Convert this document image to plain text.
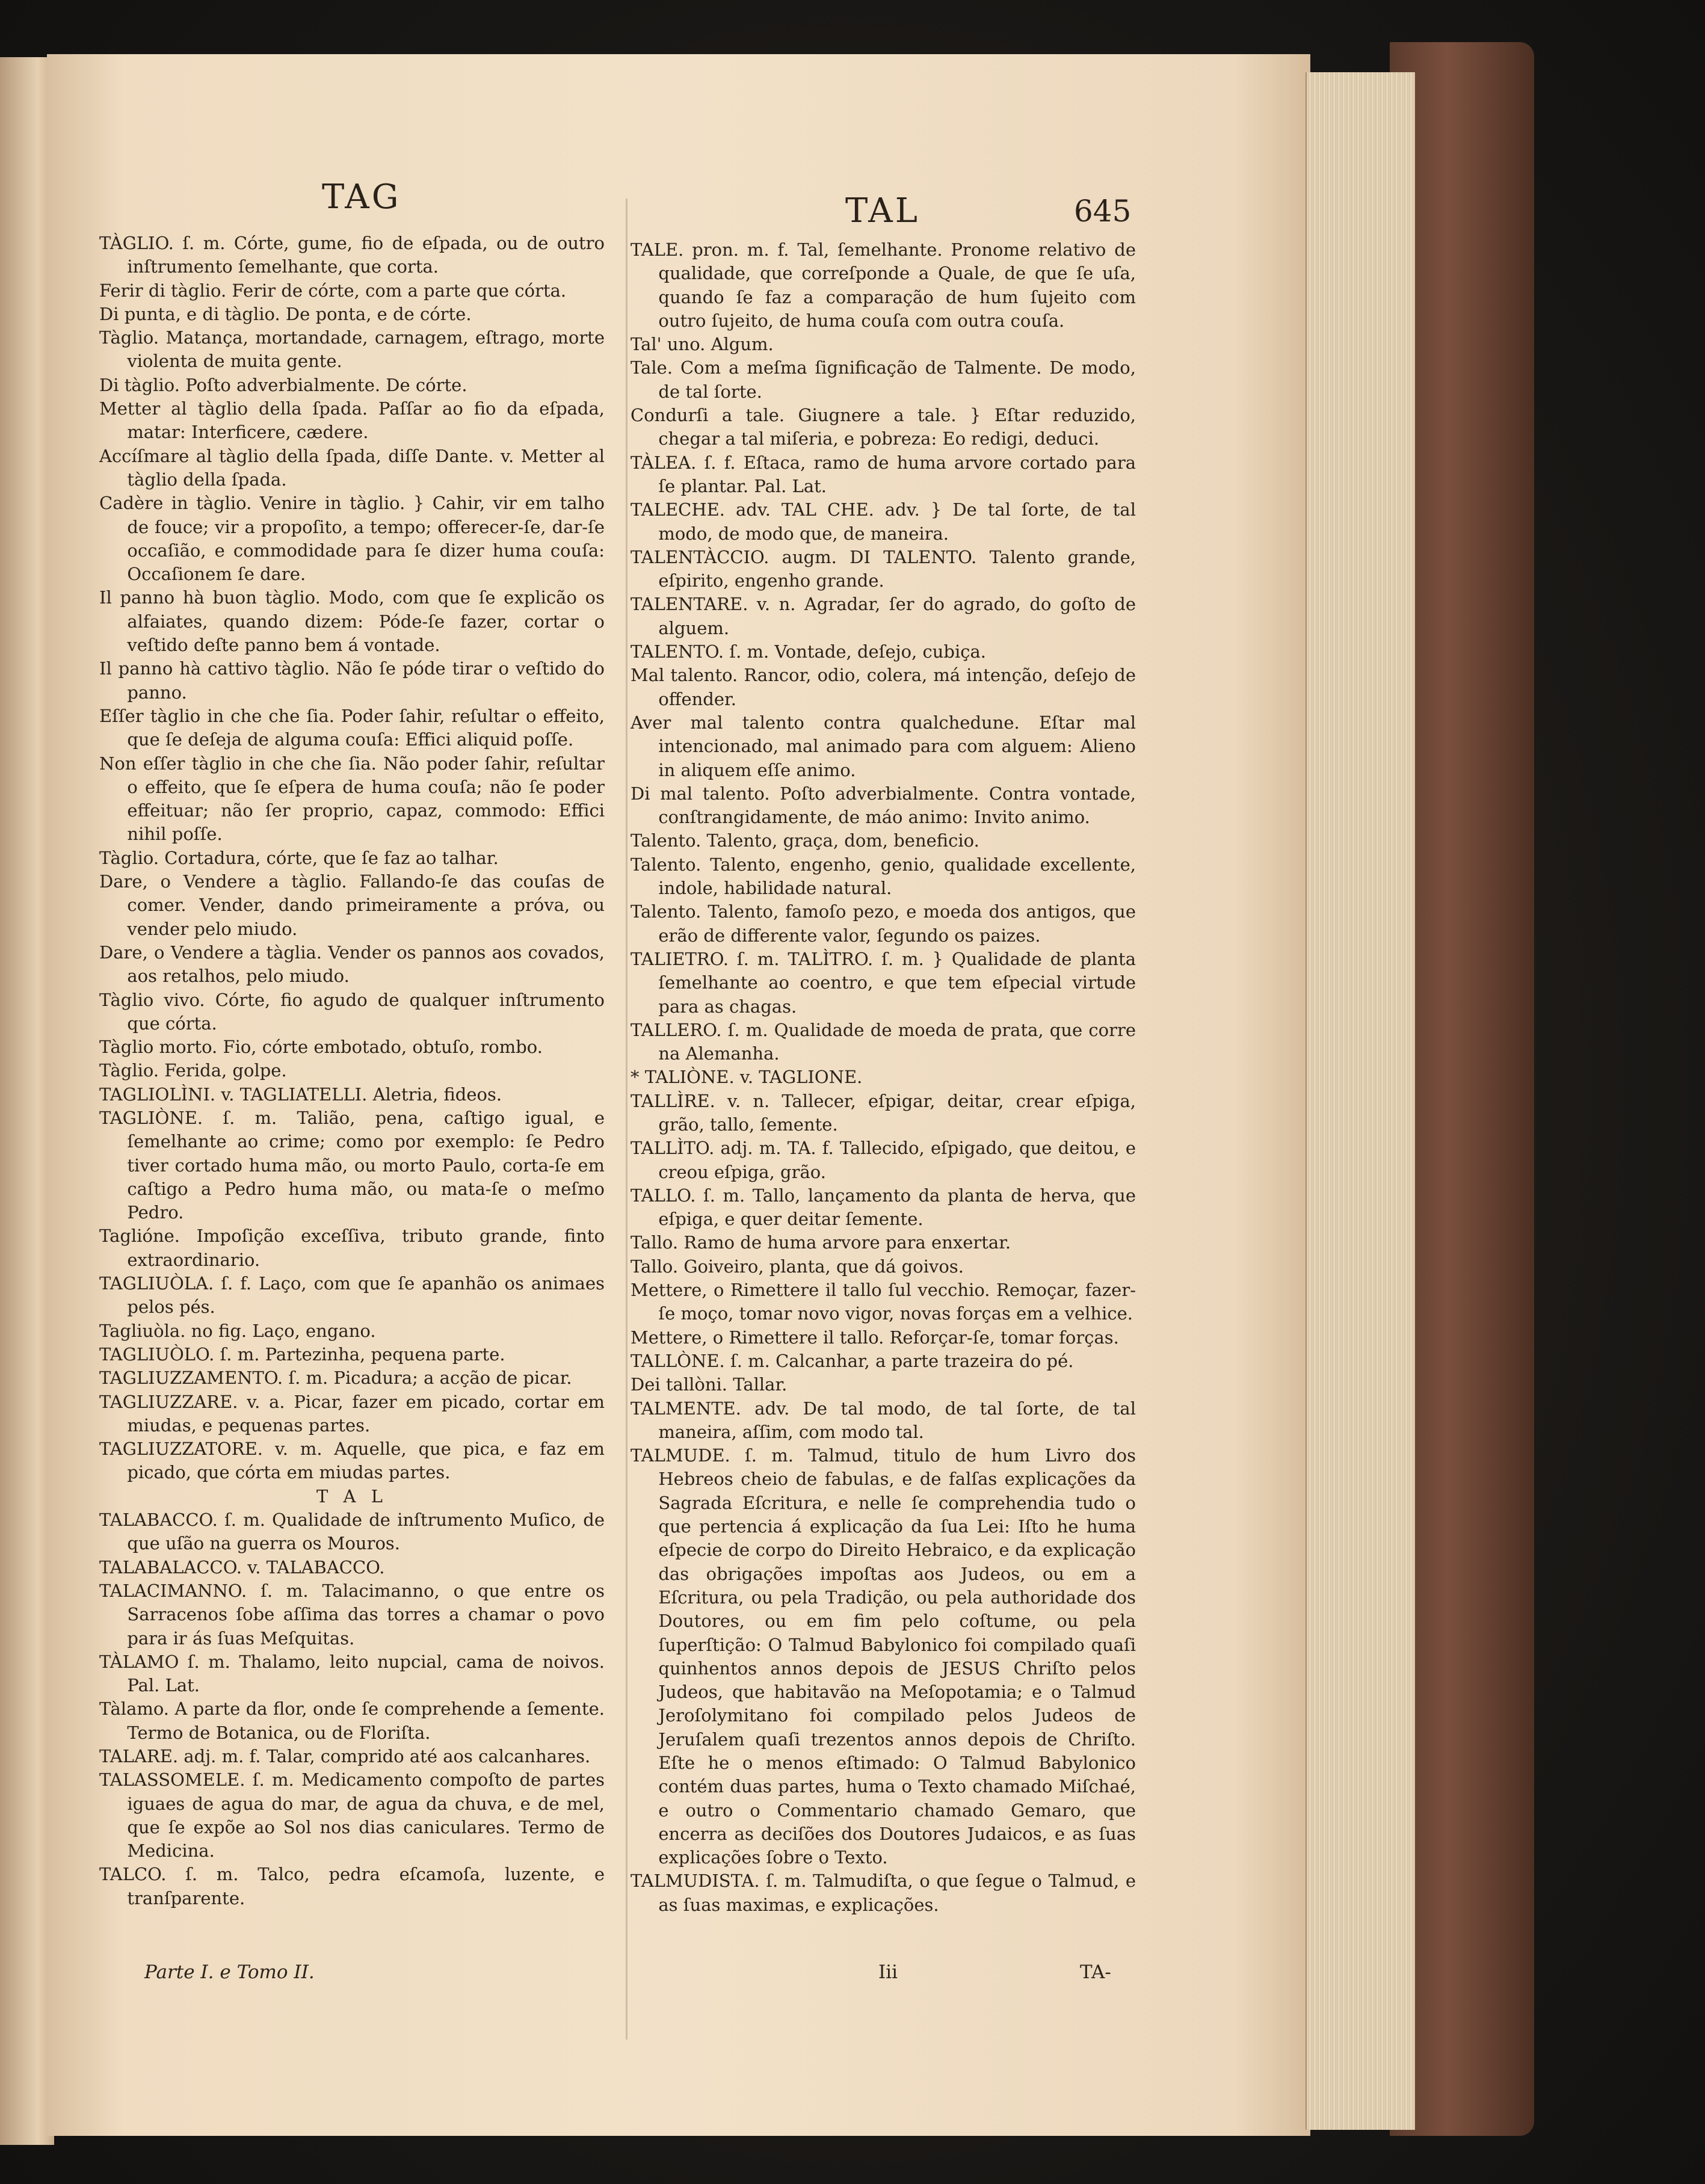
TAG	TAL	645

TÀGLIO. ſ. m. Córte, gume, fio de eſpada, ou de outro inſtrumento ſemelhante, que corta.

Ferir di tàglio. Ferir de córte, com a parte que córta.

Di punta, e di tàglio. De ponta, e de córte.

Tàglio. Matança, mortandade, carnagem, eſtrago, morte violenta de muita gente.

Di tàglio. Poſto adverbialmente. De córte.

Metter al tàglio della ſpada. Paſſar ao fio da eſpada, matar: Interficere, cædere.

Accíſmare al tàglio della ſpada, diſſe Dante. v. Metter al tàglio della ſpada.

Cadère in tàglio. Venire in tàglio. } Cahir, vir em talho de fouce; vir a propoſito, a tempo; offerecer-ſe, dar-ſe occaſião, e commodidade para ſe dizer huma couſa: Occaſionem ſe dare.

Il panno hà buon tàglio. Modo, com que ſe explicão os alfaiates, quando dizem: Póde-ſe fazer, cortar o veſtido deſte panno bem á vontade.

Il panno hà cattivo tàglio. Não ſe póde tirar o veſtido do panno.

Eſſer tàglio in che che ſia. Poder ſahir, reſultar o effeito, que ſe deſeja de alguma couſa: Effici aliquid poſſe.

Non eſſer tàglio in che che ſia. Não poder ſahir, reſultar o effeito, que ſe eſpera de huma couſa; não ſe poder effeituar; não ſer proprio, capaz, commodo: Effici nihil poſſe.

Tàglio. Cortadura, córte, que ſe faz ao talhar.

Dare, o Vendere a tàglio. Fallando-ſe das couſas de comer. Vender, dando primeiramente a próva, ou vender pelo miudo.

Dare, o Vendere a tàglia. Vender os pannos aos covados, aos retalhos, pelo miudo.

Tàglio vivo. Córte, fio agudo de qualquer inſtrumento que córta.

Tàglio morto. Fio, córte embotado, obtuſo, rombo.

Tàglio. Ferida, golpe.

TAGLIOLÌNI. v. TAGLIATELLI. Aletria, fideos.

TAGLIÒNE. ſ. m. Talião, pena, caſtigo igual, e ſemelhante ao crime; como por exemplo: ſe Pedro tiver cortado huma mão, ou morto Paulo, corta-ſe em caſtigo a Pedro huma mão, ou mata-ſe o meſmo Pedro.

Taglióne. Impoſição exceſſiva, tributo grande, finto extraordinario.

TAGLIUÒLA. ſ. f. Laço, com que ſe apanhão os animaes pelos pés.

Tagliuòla. no fig. Laço, engano.

TAGLIUÒLO. ſ. m. Partezinha, pequena parte.

TAGLIUZZAMENTO. ſ. m. Picadura; a acção de picar.

TAGLIUZZARE. v. a. Picar, fazer em picado, cortar em miudas, e pequenas partes.

TAGLIUZZATORE. v. m. Aquelle, que pica, e faz em picado, que córta em miudas partes.

T A L

TALABACCO. ſ. m. Qualidade de inſtrumento Muſico, de que uſão na guerra os Mouros.

TALABALACCO. v. TALABACCO.

TALACIMANNO. ſ. m. Talacimanno, o que entre os Sarracenos ſobe aſſima das torres a chamar o povo para ir ás ſuas Meſquitas.

TÀLAMO ſ. m. Thalamo, leito nupcial, cama de noivos. Pal. Lat.

Tàlamo. A parte da flor, onde ſe comprehende a ſemente. Termo de Botanica, ou de Floriſta.

TALARE. adj. m. f. Talar, comprido até aos calcanhares.

TALASSOMELE. ſ. m. Medicamento compoſto de partes iguaes de agua do mar, de agua da chuva, e de mel, que ſe expõe ao Sol nos dias caniculares. Termo de Medicina.

TALCO. ſ. m. Talco, pedra eſcamoſa, luzente, e tranſparente.

TALE. pron. m. f. Tal, ſemelhante. Pronome relativo de qualidade, que correſponde a Quale, de que ſe uſa, quando ſe faz a comparação de hum ſujeito com outro ſujeito, de huma couſa com outra couſa.

Tal' uno. Algum.

Tale. Com a meſma ſignificação de Talmente. De modo, de tal ſorte.

Condurſi a tale. Giugnere a tale. } Eſtar reduzido, chegar a tal miſeria, e pobreza: Eo redigi, deduci.

TÀLEA. ſ. f. Eſtaca, ramo de huma arvore cortado para ſe plantar. Pal. Lat.

TALECHE. adv. TAL CHE. adv. } De tal ſorte, de tal modo, de modo que, de maneira.

TALENTÀCCIO. augm. DI TALENTO. Talento grande, eſpirito, engenho grande.

TALENTARE. v. n. Agradar, ſer do agrado, do goſto de alguem.

TALENTO. ſ. m. Vontade, deſejo, cubiça.

Mal talento. Rancor, odio, colera, má intenção, deſejo de offender.

Aver mal talento contra qualchedune. Eſtar mal intencionado, mal animado para com alguem: Alieno in aliquem eſſe animo.

Di mal talento. Poſto adverbialmente. Contra vontade, conſtrangidamente, de máo animo: Invito animo.

Talento. Talento, graça, dom, beneficio.

Talento. Talento, engenho, genio, qualidade excellente, indole, habilidade natural.

Talento. Talento, famoſo pezo, e moeda dos antigos, que erão de differente valor, ſegundo os paizes.

TALIETRO. ſ. m. TALÌTRO. ſ. m. } Qualidade de planta ſemelhante ao coentro, e que tem eſpecial virtude para as chagas.

TALLERO. ſ. m. Qualidade de moeda de prata, que corre na Alemanha.

* TALIÒNE. v. TAGLIONE.

TALLÌRE. v. n. Tallecer, eſpigar, deitar, crear eſpiga, grão, tallo, ſemente.

TALLÌTO. adj. m. TA. f. Tallecido, eſpigado, que deitou, e creou eſpiga, grão.

TALLO. ſ. m. Tallo, lançamento da planta de herva, que eſpiga, e quer deitar ſemente.

Tallo. Ramo de huma arvore para enxertar.

Tallo. Goiveiro, planta, que dá goivos.

Mettere, o Rimettere il tallo ſul vecchio. Remoçar, fazer-ſe moço, tomar novo vigor, novas forças em a velhice.

Mettere, o Rimettere il tallo. Reforçar-ſe, tomar forças.

TALLÒNE. ſ. m. Calcanhar, a parte trazeira do pé.

Dei tallòni. Tallar.

TALMENTE. adv. De tal modo, de tal ſorte, de tal maneira, aſſim, com modo tal.

TALMUDE. ſ. m. Talmud, titulo de hum Livro dos Hebreos cheio de fabulas, e de falſas explicações da Sagrada Eſcritura, e nelle ſe comprehendia tudo o que pertencia á explicação da ſua Lei: Iſto he huma eſpecie de corpo do Direito Hebraico, e da explicação das obrigações impoſtas aos Judeos, ou em a Eſcritura, ou pela Tradição, ou pela authoridade dos Doutores, ou em fim pelo coſtume, ou pela ſuperſtição: O Talmud Babylonico foi compilado quaſi quinhentos annos depois de JESUS Chriſto pelos Judeos, que habitavão na Meſopotamia; e o Talmud Jeroſolymitano foi compilado pelos Judeos de Jeruſalem quaſi trezentos annos depois de Chriſto. Eſte he o menos eſtimado: O Talmud Babylonico contém duas partes, huma o Texto chamado Miſchaé, e outro o Commentario chamado Gemaro, que encerra as deciſões dos Doutores Judaicos, e as ſuas explicações ſobre o Texto.

TALMUDISTA. ſ. m. Talmudiſta, o que ſegue o Talmud, e as ſuas maximas, e explicações.

Parte I. e Tomo II.	Iii	TA-
